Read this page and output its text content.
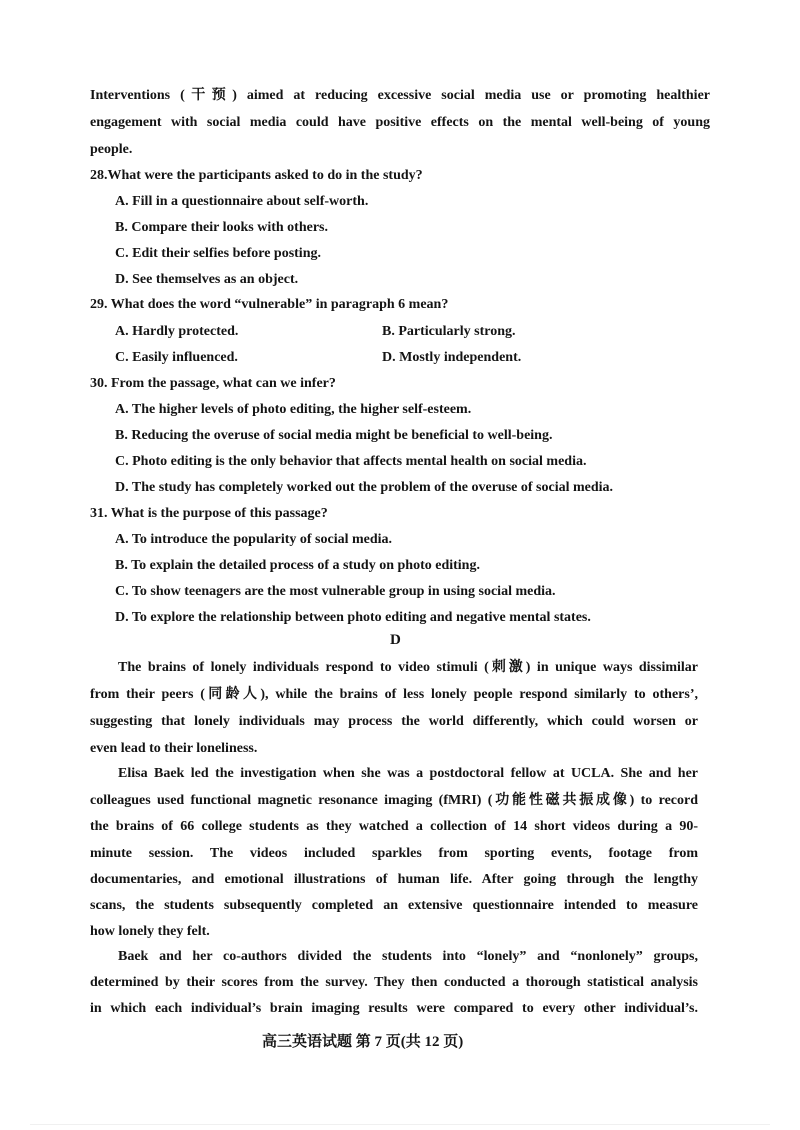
Interventions (干预) aimed at reducing excessive social media use or promoting healthier
engagement with social media could have positive effects on the mental well-being of young
people.
28.What were the participants asked to do in the study?
A. Fill in a questionnaire about self-worth.
B. Compare their looks with others.
C. Edit their selfies before posting.
D. See themselves as an object.
29. What does the word “vulnerable” in paragraph 6 mean?
A. Hardly protected.	B. Particularly strong.
C. Easily influenced.	D. Mostly independent.
30. From the passage, what can we infer?
A. The higher levels of photo editing, the higher self-esteem.
B. Reducing the overuse of social media might be beneficial to well-being.
C. Photo editing is the only behavior that affects mental health on social media.
D. The study has completely worked out the problem of the overuse of social media.
31. What is the purpose of this passage?
A. To introduce the popularity of social media.
B. To explain the detailed process of a study on photo editing.
C. To show teenagers are the most vulnerable group in using social media.
D. To explore the relationship between photo editing and negative mental states.
D
The brains of lonely individuals respond to video stimuli (刺激) in unique ways dissimilar
from their peers (同龄人), while the brains of less lonely people respond similarly to others’,
suggesting that lonely individuals may process the world differently, which could worsen or
even lead to their loneliness.
Elisa Baek led the investigation when she was a postdoctoral fellow at UCLA. She and her
colleagues used functional magnetic resonance imaging (fMRI) (功能性磁共振成像) to record
the brains of 66 college students as they watched a collection of 14 short videos during a 90-
minute session. The videos included sparkles from sporting events, footage from
documentaries, and emotional illustrations of human life. After going through the lengthy
scans, the students subsequently completed an extensive questionnaire intended to measure
how lonely they felt.
Baek and her co-authors divided the students into “lonely” and “nonlonely” groups,
determined by their scores from the survey. They then conducted a thorough statistical analysis
in which each individual’s brain imaging results were compared to every other individual’s.
高三英语试题 第 7 页(共 12 页)
